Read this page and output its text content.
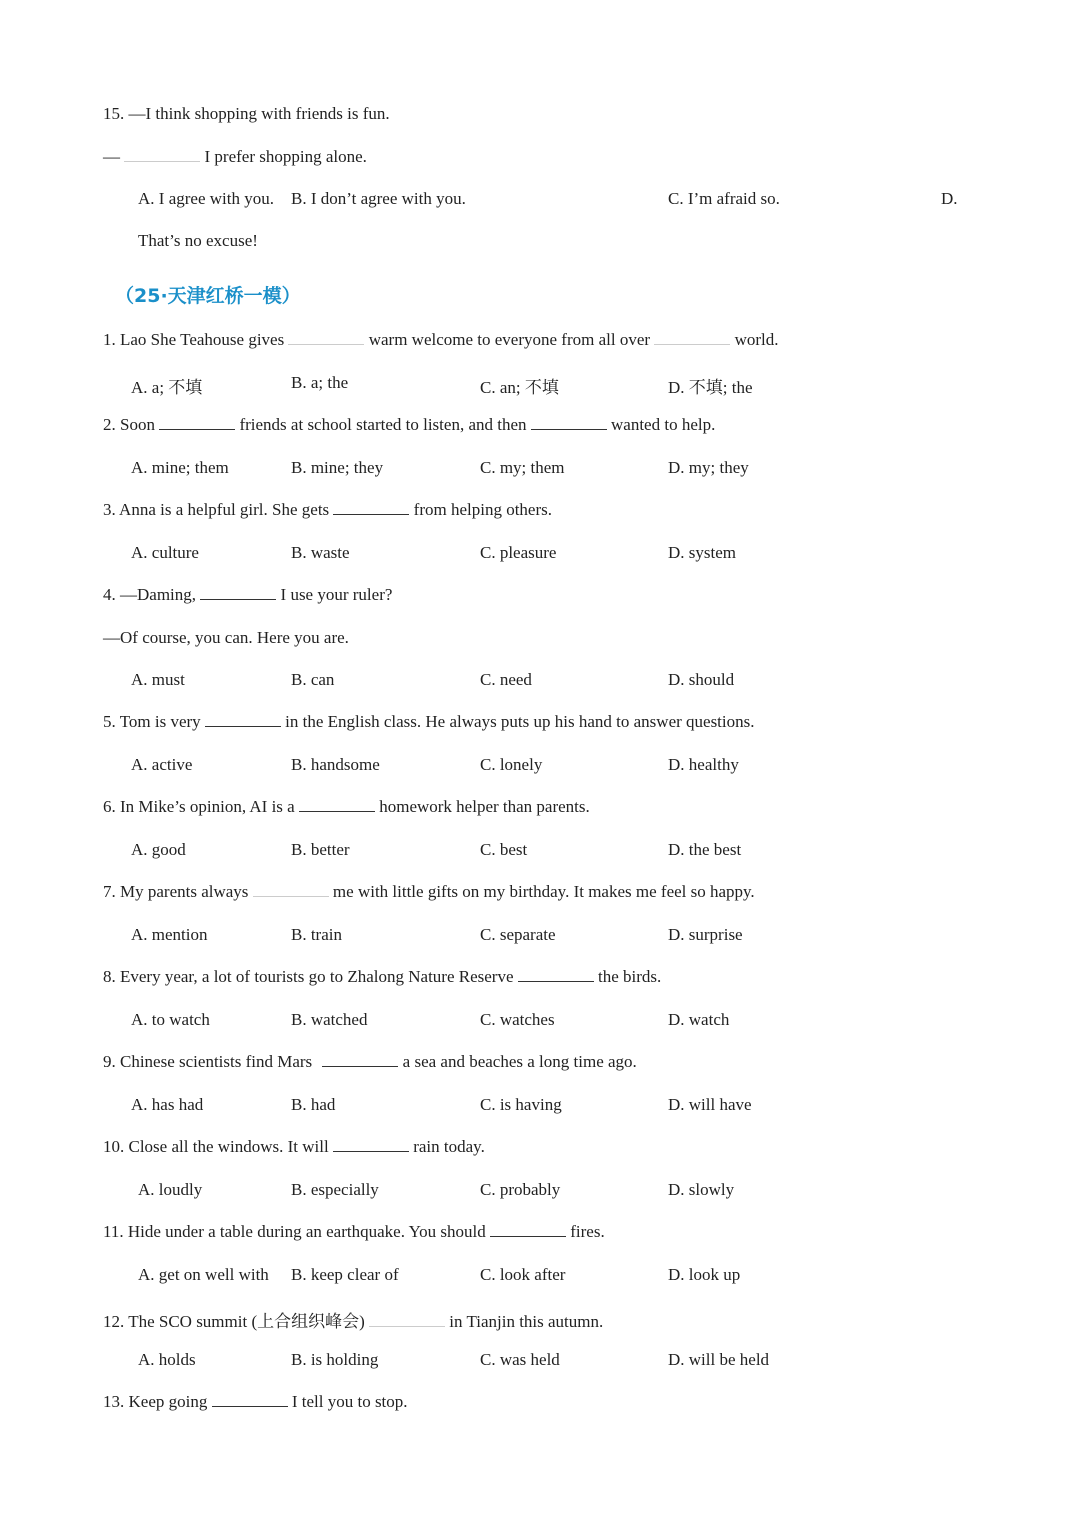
15. —I think shopping with friends is fun.
—	I prefer shopping alone.
A. I agree with you. B. I don’t agree with you.	C. I’m afraid so.	D.
That’s no excuse!
（25·天津红桥一模）
1. Lao She Teahouse gives	warm welcome to everyone from all over	world.
A. a; 不填	B. a; the	C. an; 不填	D. 不填; the
2. Soon	friends at school started to listen, and then	wanted to help.
A. mine; them	B. mine; they	C. my; them	D. my; they
3. Anna is a helpful girl. She gets	from helping others.
A. culture	B. waste	C. pleasure	D. system
4. —Daming,	I use your ruler?
—Of course, you can. Here you are.
A. must	B. can	C. need	D. should
5. Tom is very	in the English class. He always puts up his hand to answer questions.
A. active	B. handsome	C. lonely	D. healthy
6. In Mike’s opinion, AI is a	homework helper than parents.
A. good	B. better	C. best	D. the best
7. My parents always	me with little gifts on my birthday. It makes me feel so happy.
A. mention	B. train	C. separate	D. surprise
8. Every year, a lot of tourists go to Zhalong Nature Reserve	the birds.
A. to watch	B. watched	C. watches	D. watch
9. Chinese scientists find Mars	a sea and beaches a long time ago.
A. has had	B. had	C. is having	D. will have
10. Close all the windows. It will	rain today.
A. loudly	B. especially	C. probably	D. slowly
11. Hide under a table during an earthquake. You should	fires.
A. get on well with B. keep clear of	C. look after	D. look up
12. The SCO summit (上合组织峰会)	in Tianjin this autumn.
A. holds	B. is holding	C. was held	D. will be held
13. Keep going	I tell you to stop.
